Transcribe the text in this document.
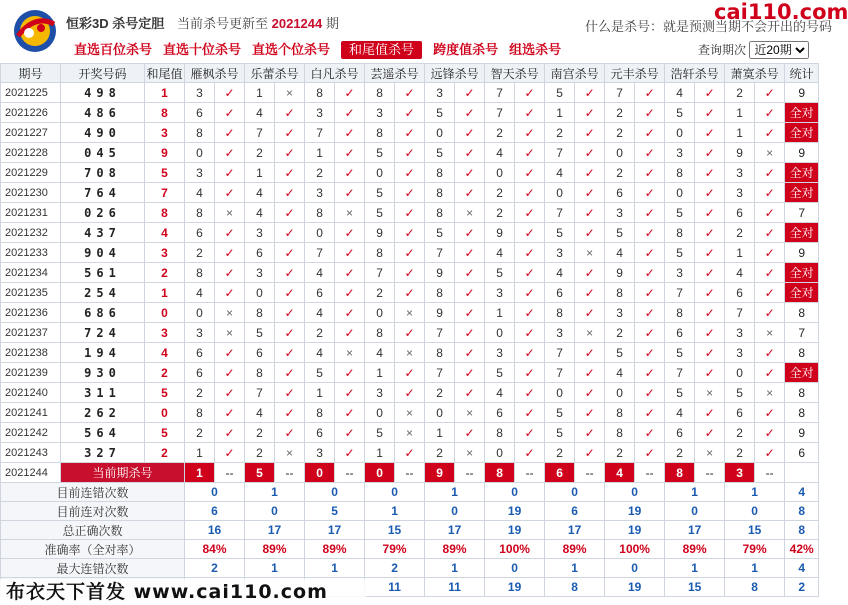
恒彩3D 杀号定胆 当前杀号更新至 2021244 期	什么是杀号：就是预测当期不会开出的号码
cai110.com
直选百位杀号 直选十位杀号 直选个位杀号 和尾值杀号 跨度值杀号 组选杀号	查询期次
近20期
期号	开奖号码	和尾值	雁枫杀号		乐蕾杀号		白凡杀号		芸遥杀号		远锋杀号		智天杀号		南宫杀号		元丰杀号		浩轩杀号		萧寞杀号		统计
2021225	498	1	3	✓	1	×	8	✓	8	✓	3	✓	7	✓	5	✓	7	✓	4	✓	2	✓	9
2021226	486	8	6	✓	4	✓	3	✓	3	✓	5	✓	7	✓	1	✓	2	✓	5	✓	1	✓	全对
2021227	490	3	8	✓	7	✓	7	✓	8	✓	0	✓	2	✓	2	✓	2	✓	0	✓	1	✓	全对
2021228	045	9	0	✓	2	✓	1	✓	5	✓	5	✓	4	✓	7	✓	0	✓	3	✓	9	×	9
2021229	708	5	3	✓	1	✓	2	✓	0	✓	8	✓	0	✓	4	✓	2	✓	8	✓	3	✓	全对
2021230	764	7	4	✓	4	✓	3	✓	5	✓	8	✓	2	✓	0	✓	6	✓	0	✓	3	✓	全对
2021231	026	8	8	×	4	✓	8	×	5	✓	8	×	2	✓	7	✓	3	✓	5	✓	6	✓	7
2021232	437	4	6	✓	3	✓	0	✓	9	✓	5	✓	9	✓	5	✓	5	✓	8	✓	2	✓	全对
2021233	904	3	2	✓	6	✓	7	✓	8	✓	7	✓	4	✓	3	×	4	✓	5	✓	1	✓	9
2021234	561	2	8	✓	3	✓	4	✓	7	✓	9	✓	5	✓	4	✓	9	✓	3	✓	4	✓	全对
2021235	254	1	4	✓	0	✓	6	✓	2	✓	8	✓	3	✓	6	✓	8	✓	7	✓	6	✓	全对
2021236	686	0	0	×	8	✓	4	✓	0	×	9	✓	1	✓	8	✓	3	✓	8	✓	7	✓	8
2021237	724	3	3	×	5	✓	2	✓	8	✓	7	✓	0	✓	3	×	2	✓	6	✓	3	×	7
2021238	194	4	6	✓	6	✓	4	×	4	×	8	✓	3	✓	7	✓	5	✓	5	✓	3	✓	8
2021239	930	2	6	✓	8	✓	5	✓	1	✓	7	✓	5	✓	7	✓	4	✓	7	✓	0	✓	全对
2021240	311	5	2	✓	7	✓	1	✓	3	✓	2	✓	4	✓	0	✓	0	✓	5	×	5	×	8
2021241	262	0	8	✓	4	✓	8	✓	0	×	0	×	6	✓	5	✓	8	✓	4	✓	6	✓	8
2021242	564	5	2	✓	2	✓	6	✓	5	×	1	✓	8	✓	5	✓	8	✓	6	✓	2	✓	9
2021243	327	2	1	✓	2	×	3	✓	1	✓	2	×	0	✓	2	✓	2	✓	2	×	2	✓	6
2021244	当前期杀号		1	--	5	--	0	--	0	--	9	--	8	--	6	--	4	--	8	--	3	--	
目前连错次数			0		1		0		0		1		0		0		0		1		1		4
目前连对次数			6		0		5		1		0		19		6		19		0		0		8
总正确次数			16		17		17		15		17		19		17		19		17		15		8
准确率（全对率）			84%		89%		89%		79%		89%		100%		89%		100%		89%		79%		42%
最大连错次数			2		1		1		2		1		0		1		0		1		1		4
									11		11		19		8		19		15		8		2
布衣天下首发 www.cai110.com
